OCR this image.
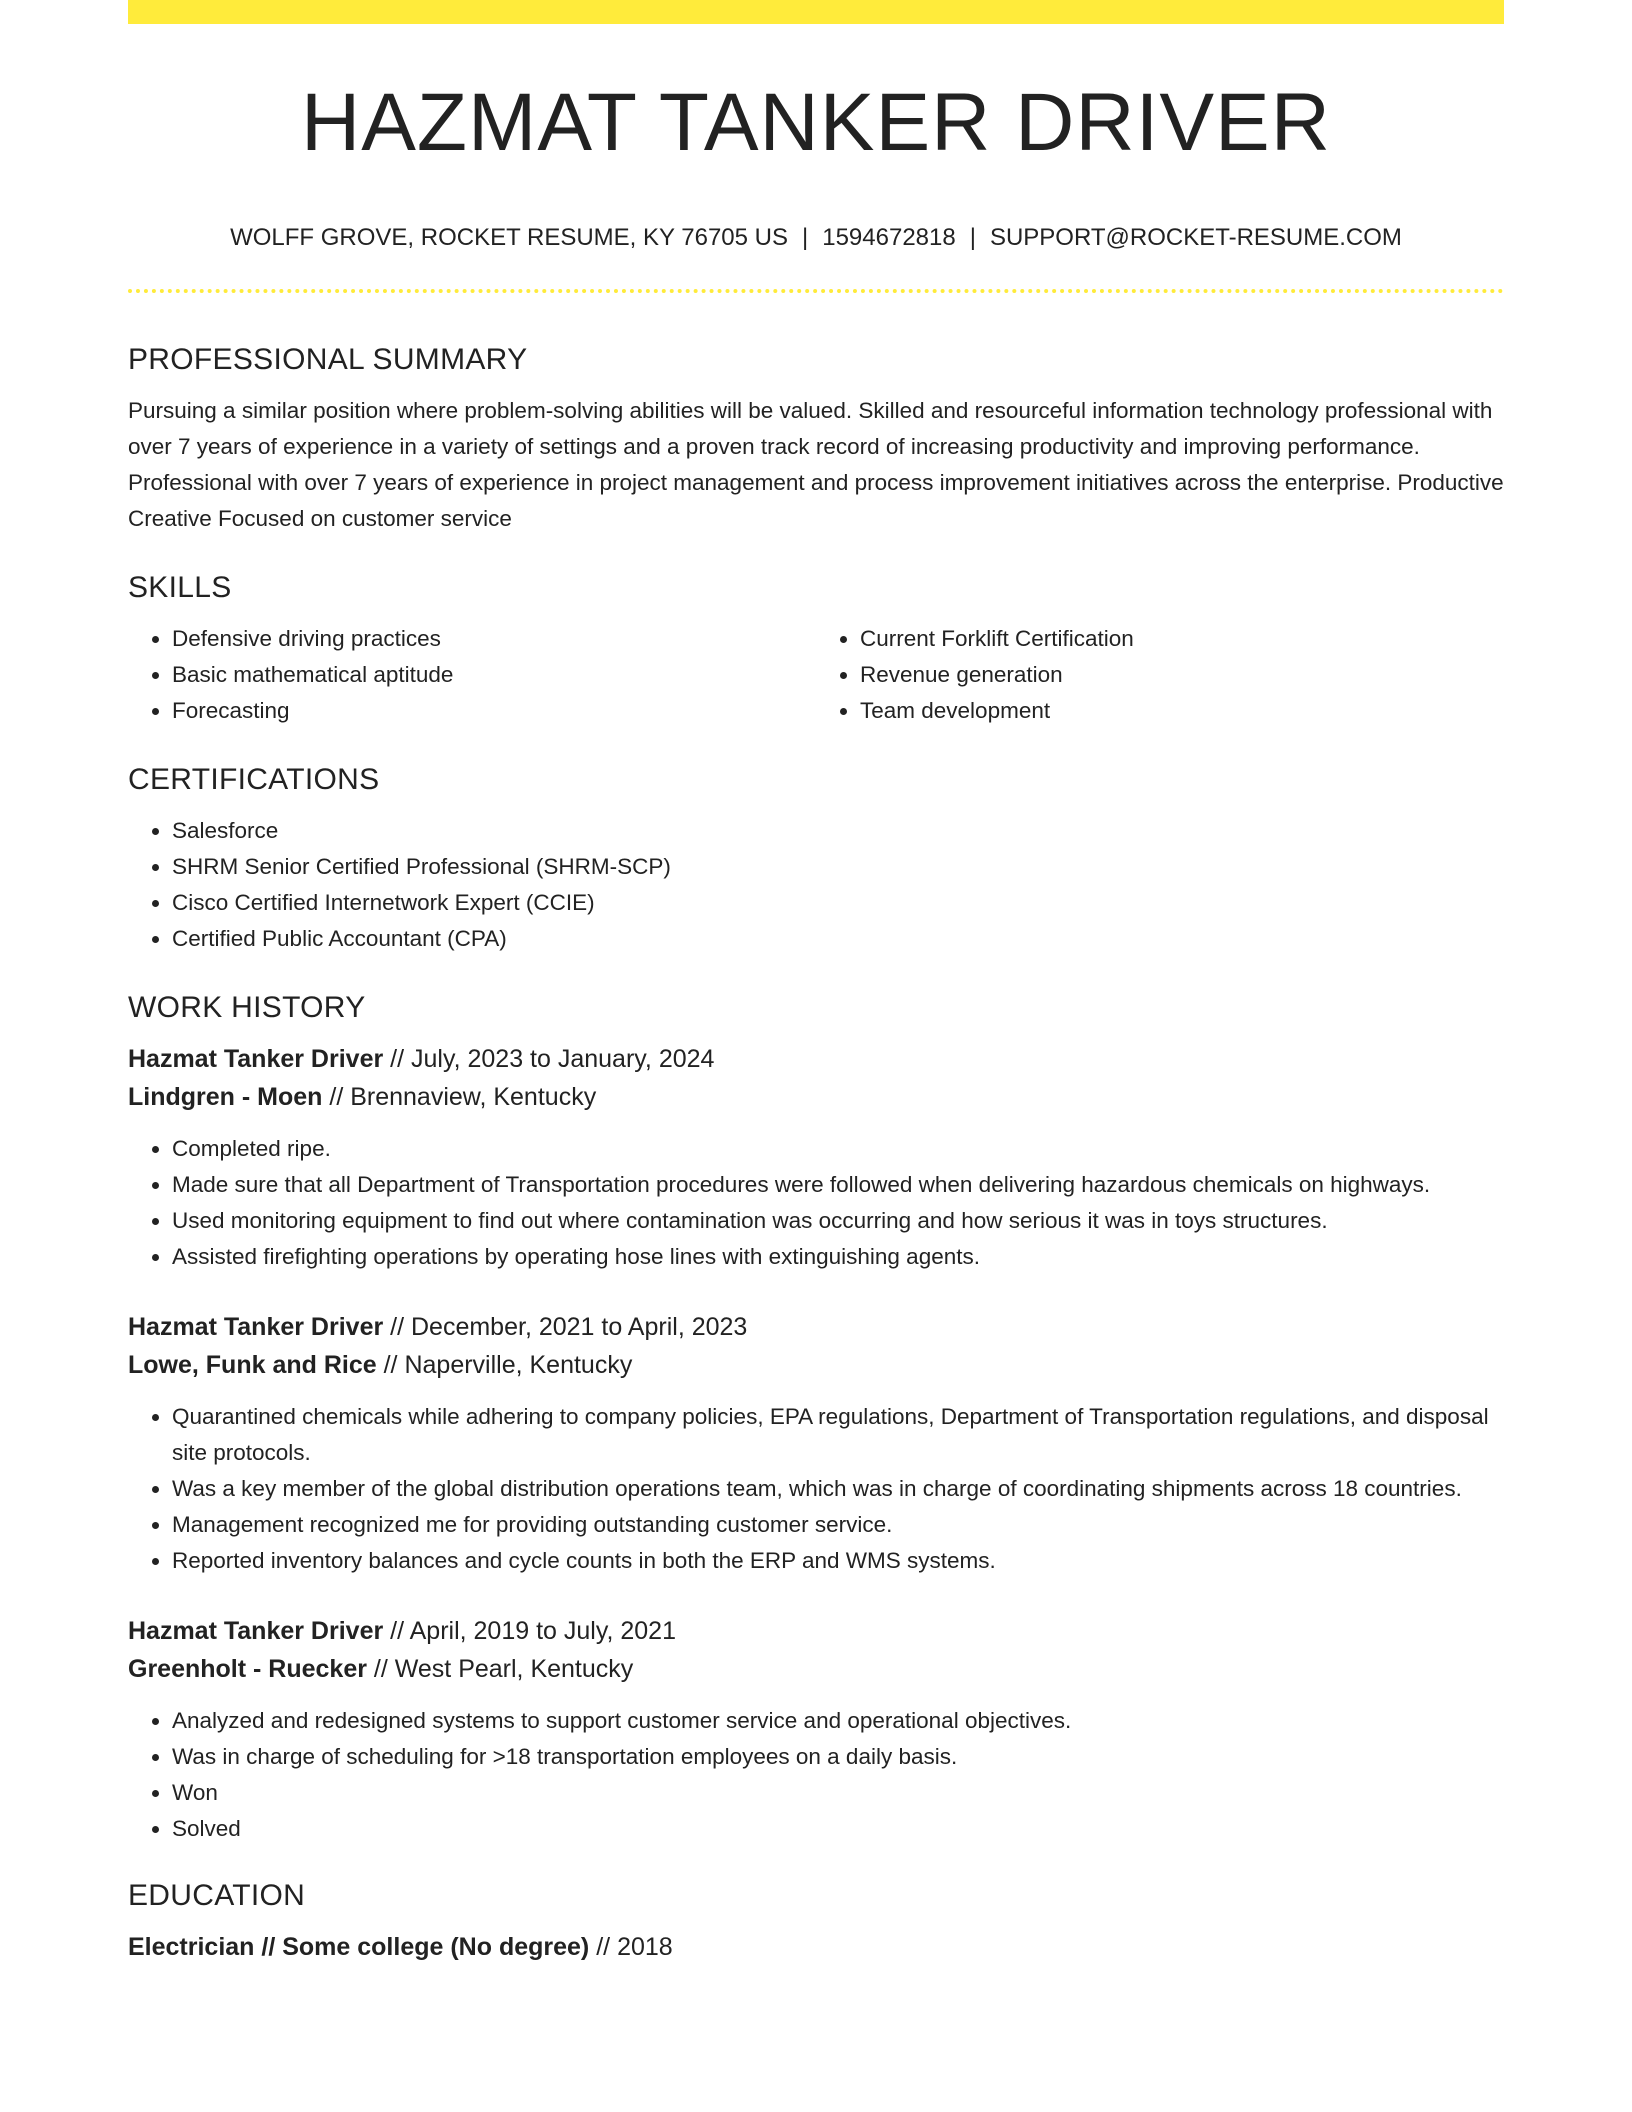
HAZMAT TANKER DRIVER
WOLFF GROVE, ROCKET RESUME, KY 76705 US | 1594672818 | SUPPORT@ROCKET-RESUME.COM
PROFESSIONAL SUMMARY
Pursuing a similar position where problem-solving abilities will be valued. Skilled and resourceful information technology professional with over 7 years of experience in a variety of settings and a proven track record of increasing productivity and improving performance. Professional with over 7 years of experience in project management and process improvement initiatives across the enterprise. Productive Creative Focused on customer service
SKILLS
• Defensive driving practices
• Basic mathematical aptitude
• Forecasting
• Current Forklift Certification
• Revenue generation
• Team development
CERTIFICATIONS
• Salesforce
• SHRM Senior Certified Professional (SHRM-SCP)
• Cisco Certified Internetwork Expert (CCIE)
• Certified Public Accountant (CPA)
WORK HISTORY
Hazmat Tanker Driver // July, 2023 to January, 2024
Lindgren - Moen // Brennaview, Kentucky
• Completed ripe.
• Made sure that all Department of Transportation procedures were followed when delivering hazardous chemicals on highways.
• Used monitoring equipment to find out where contamination was occurring and how serious it was in toys structures.
• Assisted firefighting operations by operating hose lines with extinguishing agents.
Hazmat Tanker Driver // December, 2021 to April, 2023
Lowe, Funk and Rice // Naperville, Kentucky
• Quarantined chemicals while adhering to company policies, EPA regulations, Department of Transportation regulations, and disposal site protocols.
• Was a key member of the global distribution operations team, which was in charge of coordinating shipments across 18 countries.
• Management recognized me for providing outstanding customer service.
• Reported inventory balances and cycle counts in both the ERP and WMS systems.
Hazmat Tanker Driver // April, 2019 to July, 2021
Greenholt - Ruecker // West Pearl, Kentucky
• Analyzed and redesigned systems to support customer service and operational objectives.
• Was in charge of scheduling for >18 transportation employees on a daily basis.
• Won
• Solved
EDUCATION
Electrician // Some college (No degree) // 2018
